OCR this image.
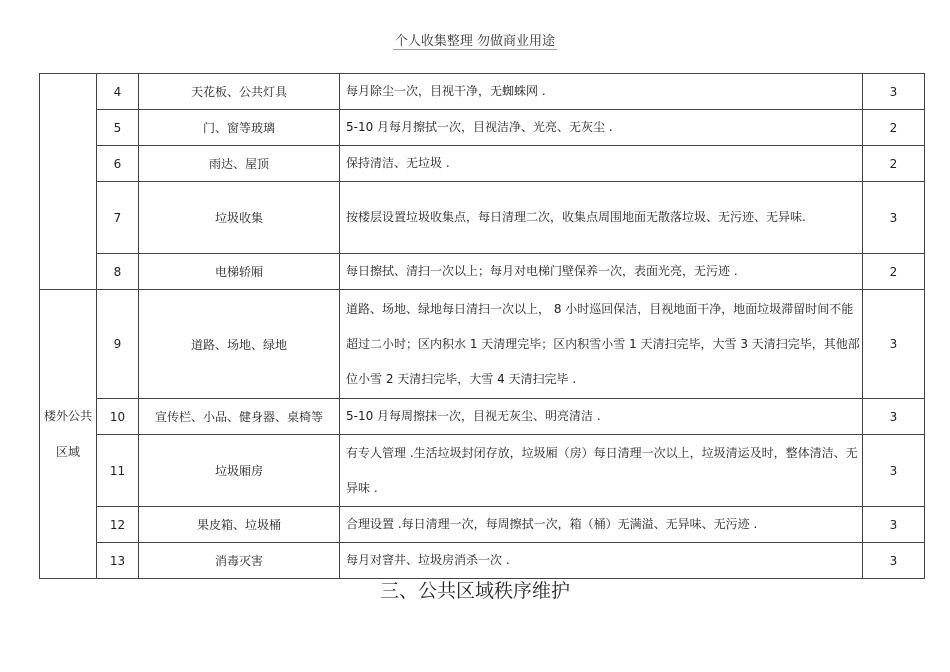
个人收集整理 勿做商业用途
	4	天花板、公共灯具	每月除尘一次，目视干净，无蜘蛛网 .	3
	5	门、窗等玻璃	5-10 月每月擦拭一次，目视洁净、光亮、无灰尘 .	2
	6	雨达、屋顶	保持清洁、无垃圾 .	2
	7	垃圾收集	按楼层设置垃圾收集点，每日清理二次，收集点周围地面无散落垃圾、无污迹、无异味.	3
	8	电梯轿厢	每日擦拭、清扫一次以上；每月对电梯门壁保养一次，表面光亮，无污迹 .	2
楼外公共区域	9	道路、场地、绿地	道路、场地、绿地每日清扫一次以上， 8 小时巡回保洁，目视地面干净，地面垃圾滞留时间不能超过二小时；区内积水 1 天清理完毕；区内积雪小雪 1 天清扫完毕，大雪 3 天清扫完毕，其他部位小雪 2 天清扫完毕，大雪 4 天清扫完毕 .	3
	10	宣传栏、小品、健身器、桌椅等	5-10 月每周擦抹一次，目视无灰尘、明亮清洁 .	3
	11	垃圾厢房	有专人管理 .生活垃圾封闭存放，垃圾厢（房）每日清理一次以上，垃圾清运及时，整体清洁、无异味 .	3
	12	果皮箱、垃圾桶	合理设置 .每日清理一次，每周擦拭一次，箱（桶）无满溢、无异味、无污迹 .	3
	13	消毒灭害	每月对窨井、垃圾房消杀一次 .	3
三、公共区域秩序维护
